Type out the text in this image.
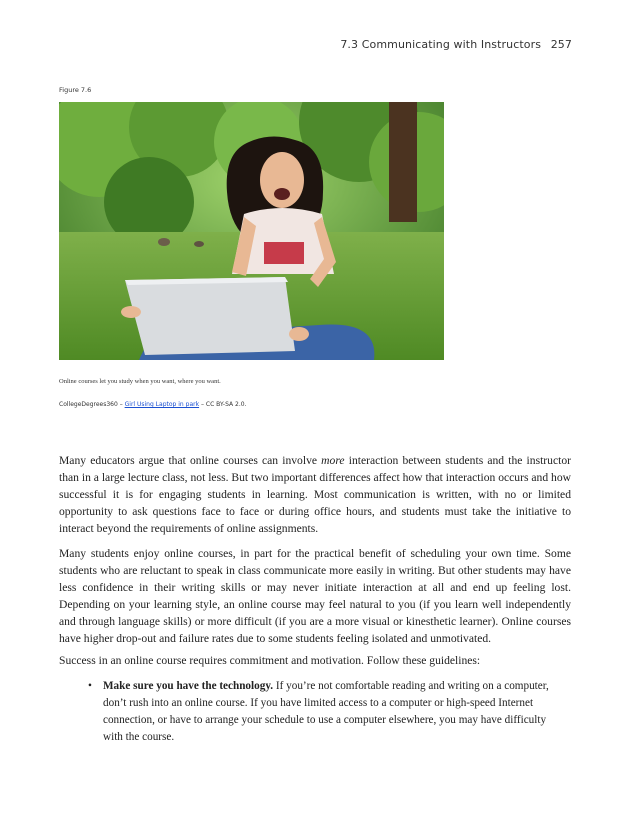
7.3 Communicating with Instructors 257
Figure 7.6
Online courses let you study when you want, where you want.
CollegeDegrees360 – Girl Using Laptop in park – CC BY-SA 2.0.

Many educators argue that online courses can involve more interaction between students and the instructor than in a large lecture class, not less. But two important differences affect how that interaction occurs and how successful it is for engaging students in learning. Most communication is written, with no or limited opportunity to ask questions face to face or during office hours, and students must take the initiative to interact beyond the requirements of online assignments.

Many students enjoy online courses, in part for the practical benefit of scheduling your own time. Some students who are reluctant to speak in class communicate more easily in writing. But other students may have less confidence in their writing skills or may never initiate interaction at all and end up feeling lost. Depending on your learning style, an online course may feel natural to you (if you learn well independently and through language skills) or more difficult (if you are a more visual or kinesthetic learner). Online courses have higher drop-out and failure rates due to some students feeling isolated and unmotivated.

Success in an online course requires commitment and motivation. Follow these guidelines:

• Make sure you have the technology. If you’re not comfortable reading and writing on a computer, don’t rush into an online course. If you have limited access to a computer or high-speed Internet connection, or have to arrange your schedule to use a computer elsewhere, you may have difficulty with the course.
